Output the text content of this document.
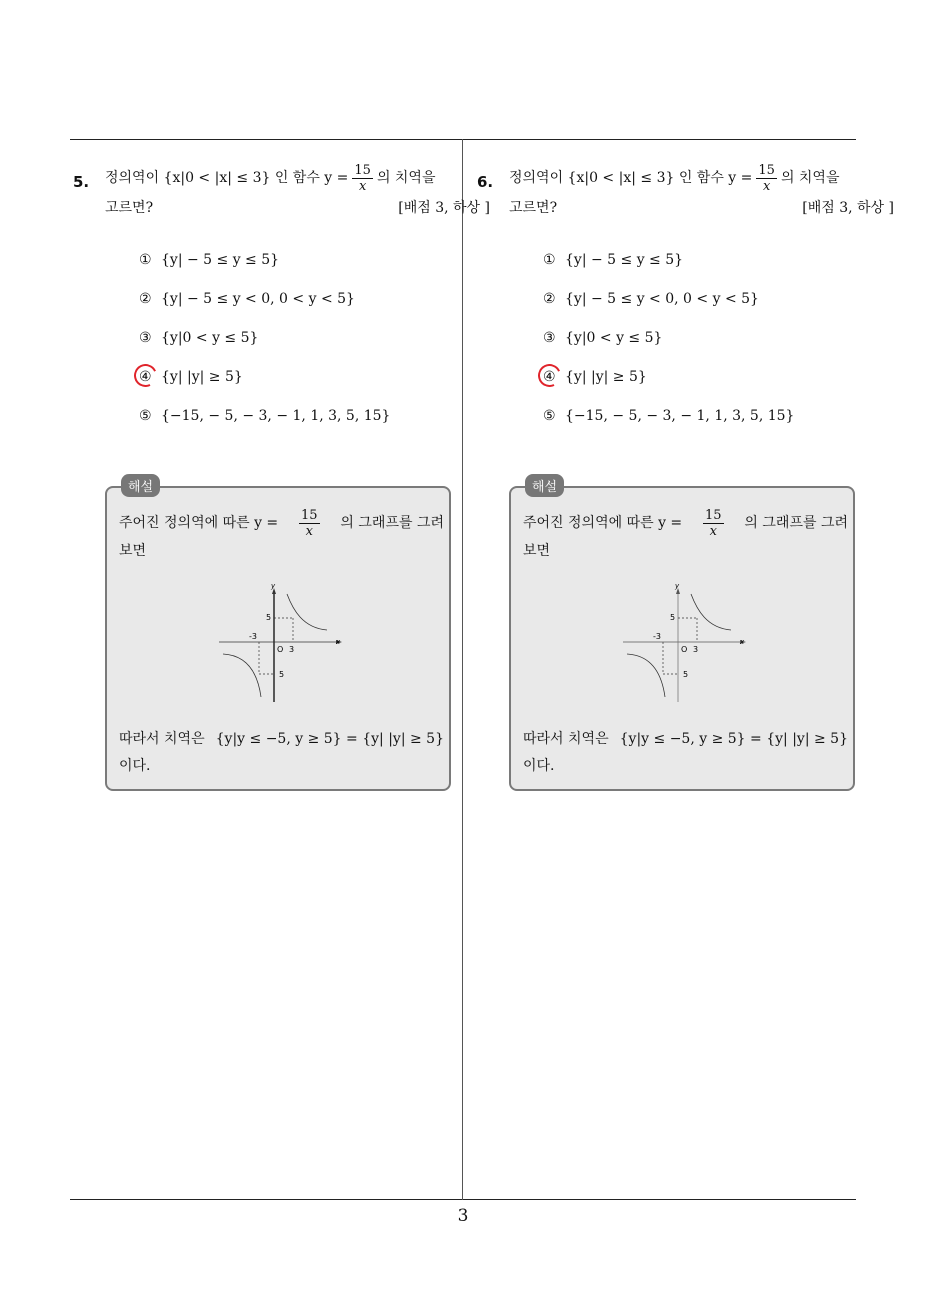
5. 정의역이 {x|0 < |x| ≤ 3} 인 함수 $y = \frac{15}{x}$ 의 치역을
고르면?	[배점 3, 하상 ]
① {y| − 5 ≤ y ≤ 5}
② {y| − 5 ≤ y < 0, 0 < y < 5}
③ {y|0 < y ≤ 5}
④ {y| |y| ≥ 5}
⑤ {−15, − 5, − 3, − 1, 1, 3, 5, 15}
해설
주어진 정의역에 따른 $y = \frac{15}{x}$ 의 그래프를 그려
보면
y
x
O
-3
3
5
5
따라서 치역은 {y|y ≤ −5, y ≥ 5} = {y| |y| ≥ 5}
이다.
6. 정의역이 {x|0 < |x| ≤ 3} 인 함수 $y = \frac{15}{x}$ 의 치역을
고르면?	[배점 3, 하상 ]
① {y| − 5 ≤ y ≤ 5}
② {y| − 5 ≤ y < 0, 0 < y < 5}
③ {y|0 < y ≤ 5}
④ {y| |y| ≥ 5}
⑤ {−15, − 5, − 3, − 1, 1, 3, 5, 15}
해설
주어진 정의역에 따른 $y = \frac{15}{x}$ 의 그래프를 그려
보면
y
x
O
-3
3
5
5
따라서 치역은 {y|y ≤ −5, y ≥ 5} = {y| |y| ≥ 5}
이다.
3
